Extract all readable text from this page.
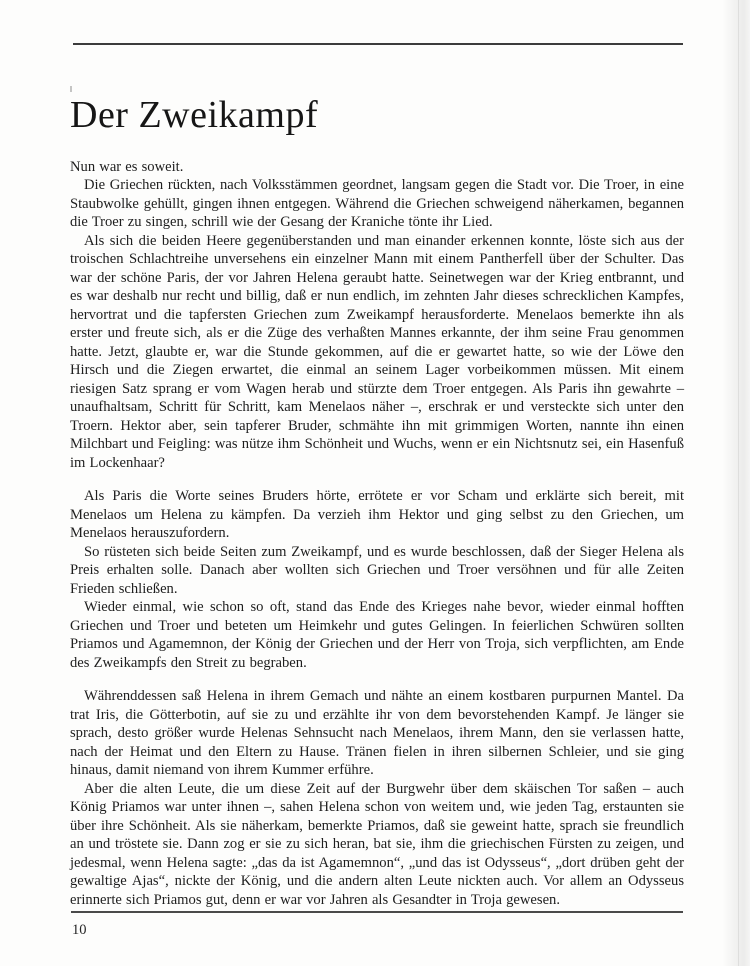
Der Zweikampf

Nun war es soweit.

Die Griechen rückten, nach Volksstämmen geordnet, langsam gegen die Stadt vor. Die Troer, in eine Staubwolke gehüllt, gingen ihnen entgegen. Während die Griechen schweigend näherkamen, begannen die Troer zu singen, schrill wie der Gesang der Kraniche tönte ihr Lied.

Als sich die beiden Heere gegenüberstanden und man einander erkennen konnte, löste sich aus der troischen Schlachtreihe unversehens ein einzelner Mann mit einem Pantherfell über der Schulter. Das war der schöne Paris, der vor Jahren Helena geraubt hatte. Seinetwegen war der Krieg entbrannt, und es war deshalb nur recht und billig, daß er nun endlich, im zehnten Jahr dieses schrecklichen Kampfes, hervortrat und die tapfersten Griechen zum Zweikampf herausforderte. Menelaos bemerkte ihn als erster und freute sich, als er die Züge des verhaßten Mannes erkannte, der ihm seine Frau genommen hatte. Jetzt, glaubte er, war die Stunde gekommen, auf die er gewartet hatte, so wie der Löwe den Hirsch und die Ziegen erwartet, die einmal an seinem Lager vorbeikommen müssen. Mit einem riesigen Satz sprang er vom Wagen herab und stürzte dem Troer entgegen. Als Paris ihn gewahrte – unaufhaltsam, Schritt für Schritt, kam Menelaos näher –, erschrak er und versteckte sich unter den Troern. Hektor aber, sein tapferer Bruder, schmähte ihn mit grimmigen Worten, nannte ihn einen Milchbart und Feigling: was nütze ihm Schönheit und Wuchs, wenn er ein Nichtsnutz sei, ein Hasenfuß im Lockenhaar?

Als Paris die Worte seines Bruders hörte, errötete er vor Scham und erklärte sich bereit, mit Menelaos um Helena zu kämpfen. Da verzieh ihm Hektor und ging selbst zu den Griechen, um Menelaos herauszufordern.

So rüsteten sich beide Seiten zum Zweikampf, und es wurde beschlossen, daß der Sieger Helena als Preis erhalten solle. Danach aber wollten sich Griechen und Troer versöhnen und für alle Zeiten Frieden schließen.

Wieder einmal, wie schon so oft, stand das Ende des Krieges nahe bevor, wieder einmal hofften Griechen und Troer und beteten um Heimkehr und gutes Gelingen. In feierlichen Schwüren sollten Priamos und Agamemnon, der König der Griechen und der Herr von Troja, sich verpflichten, am Ende des Zweikampfs den Streit zu begraben.

Währenddessen saß Helena in ihrem Gemach und nähte an einem kostbaren purpurnen Mantel. Da trat Iris, die Götterbotin, auf sie zu und erzählte ihr von dem bevorstehenden Kampf. Je länger sie sprach, desto größer wurde Helenas Sehnsucht nach Menelaos, ihrem Mann, den sie verlassen hatte, nach der Heimat und den Eltern zu Hause. Tränen fielen in ihren silbernen Schleier, und sie ging hinaus, damit niemand von ihrem Kummer erführe.

Aber die alten Leute, die um diese Zeit auf der Burgwehr über dem skäischen Tor saßen – auch König Priamos war unter ihnen –, sahen Helena schon von weitem und, wie jeden Tag, erstaunten sie über ihre Schönheit. Als sie näherkam, bemerkte Priamos, daß sie geweint hatte, sprach sie freundlich an und tröstete sie. Dann zog er sie zu sich heran, bat sie, ihm die griechischen Fürsten zu zeigen, und jedesmal, wenn Helena sagte: „das da ist Agamemnon“, „und das ist Odysseus“, „dort drüben geht der gewaltige Ajas“, nickte der König, und die andern alten Leute nickten auch. Vor allem an Odysseus erinnerte sich Priamos gut, denn er war vor Jahren als Gesandter in Troja gewesen.

10
